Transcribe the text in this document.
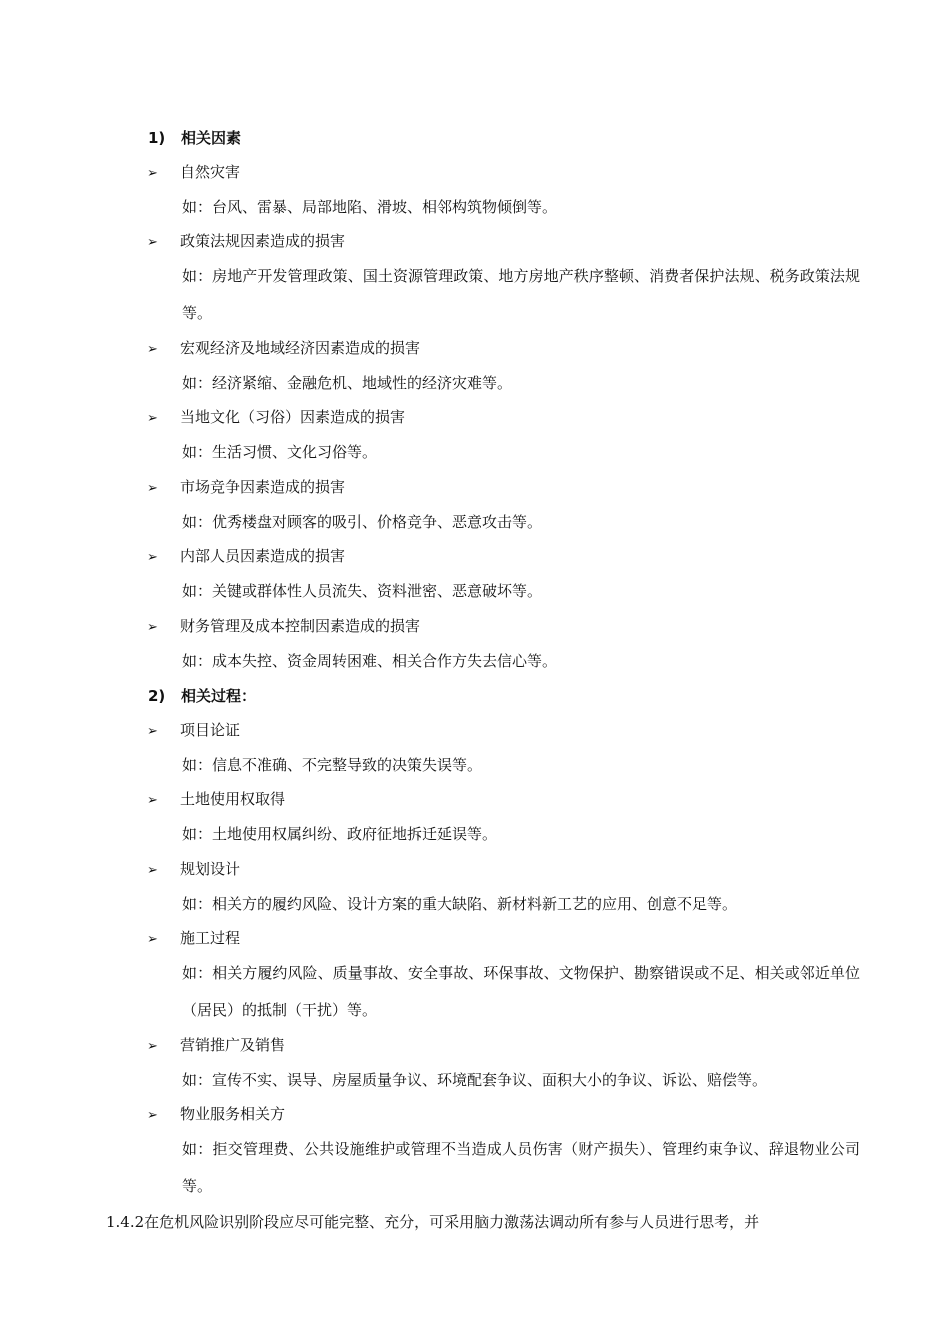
1) 相关因素
➢ 自然灾害
如：台风、雷暴、局部地陷、滑坡、相邻构筑物倾倒等。
➢ 政策法规因素造成的损害
如：房地产开发管理政策、国土资源管理政策、地方房地产秩序整顿、消费者保护法规、税务政策法规等。
➢ 宏观经济及地域经济因素造成的损害
如：经济紧缩、金融危机、地域性的经济灾难等。
➢ 当地文化（习俗）因素造成的损害
如：生活习惯、文化习俗等。
➢ 市场竞争因素造成的损害
如：优秀楼盘对顾客的吸引、价格竞争、恶意攻击等。
➢ 内部人员因素造成的损害
如：关键或群体性人员流失、资料泄密、恶意破坏等。
➢ 财务管理及成本控制因素造成的损害
如：成本失控、资金周转困难、相关合作方失去信心等。
2) 相关过程：
➢ 项目论证
如：信息不准确、不完整导致的决策失误等。
➢ 土地使用权取得
如：土地使用权属纠纷、政府征地拆迁延误等。
➢ 规划设计
如：相关方的履约风险、设计方案的重大缺陷、新材料新工艺的应用、创意不足等。
➢ 施工过程
如：相关方履约风险、质量事故、安全事故、环保事故、文物保护、勘察错误或不足、相关或邻近单位（居民）的抵制（干扰）等。
➢ 营销推广及销售
如：宣传不实、误导、房屋质量争议、环境配套争议、面积大小的争议、诉讼、赔偿等。
➢ 物业服务相关方
如：拒交管理费、公共设施维护或管理不当造成人员伤害（财产损失）、管理约束争议、辞退物业公司等。
1.4.2在危机风险识别阶段应尽可能完整、充分，可采用脑力激荡法调动所有参与人员进行思考，并
